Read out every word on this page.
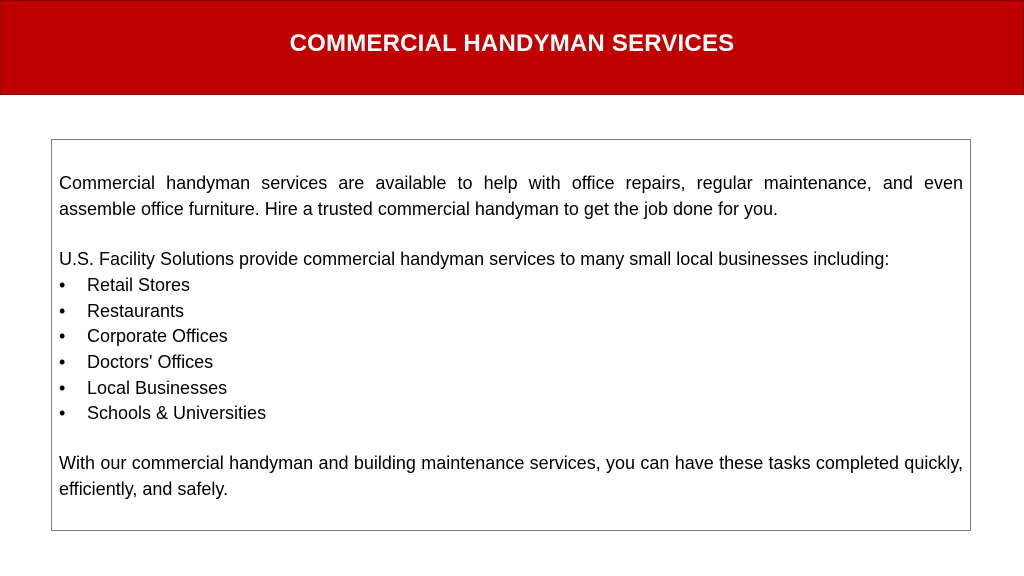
COMMERCIAL HANDYMAN SERVICES

Commercial handyman services are available to help with office repairs, regular maintenance, and even assemble office furniture. Hire a trusted commercial handyman to get the job done for you.

U.S. Facility Solutions provide commercial handyman services to many small local businesses including:

•	Retail Stores
•	Restaurants
•	Corporate Offices
•	Doctors' Offices
•	Local Businesses
•	Schools & Universities

With our commercial handyman and building maintenance services, you can have these tasks completed quickly, efficiently, and safely.
